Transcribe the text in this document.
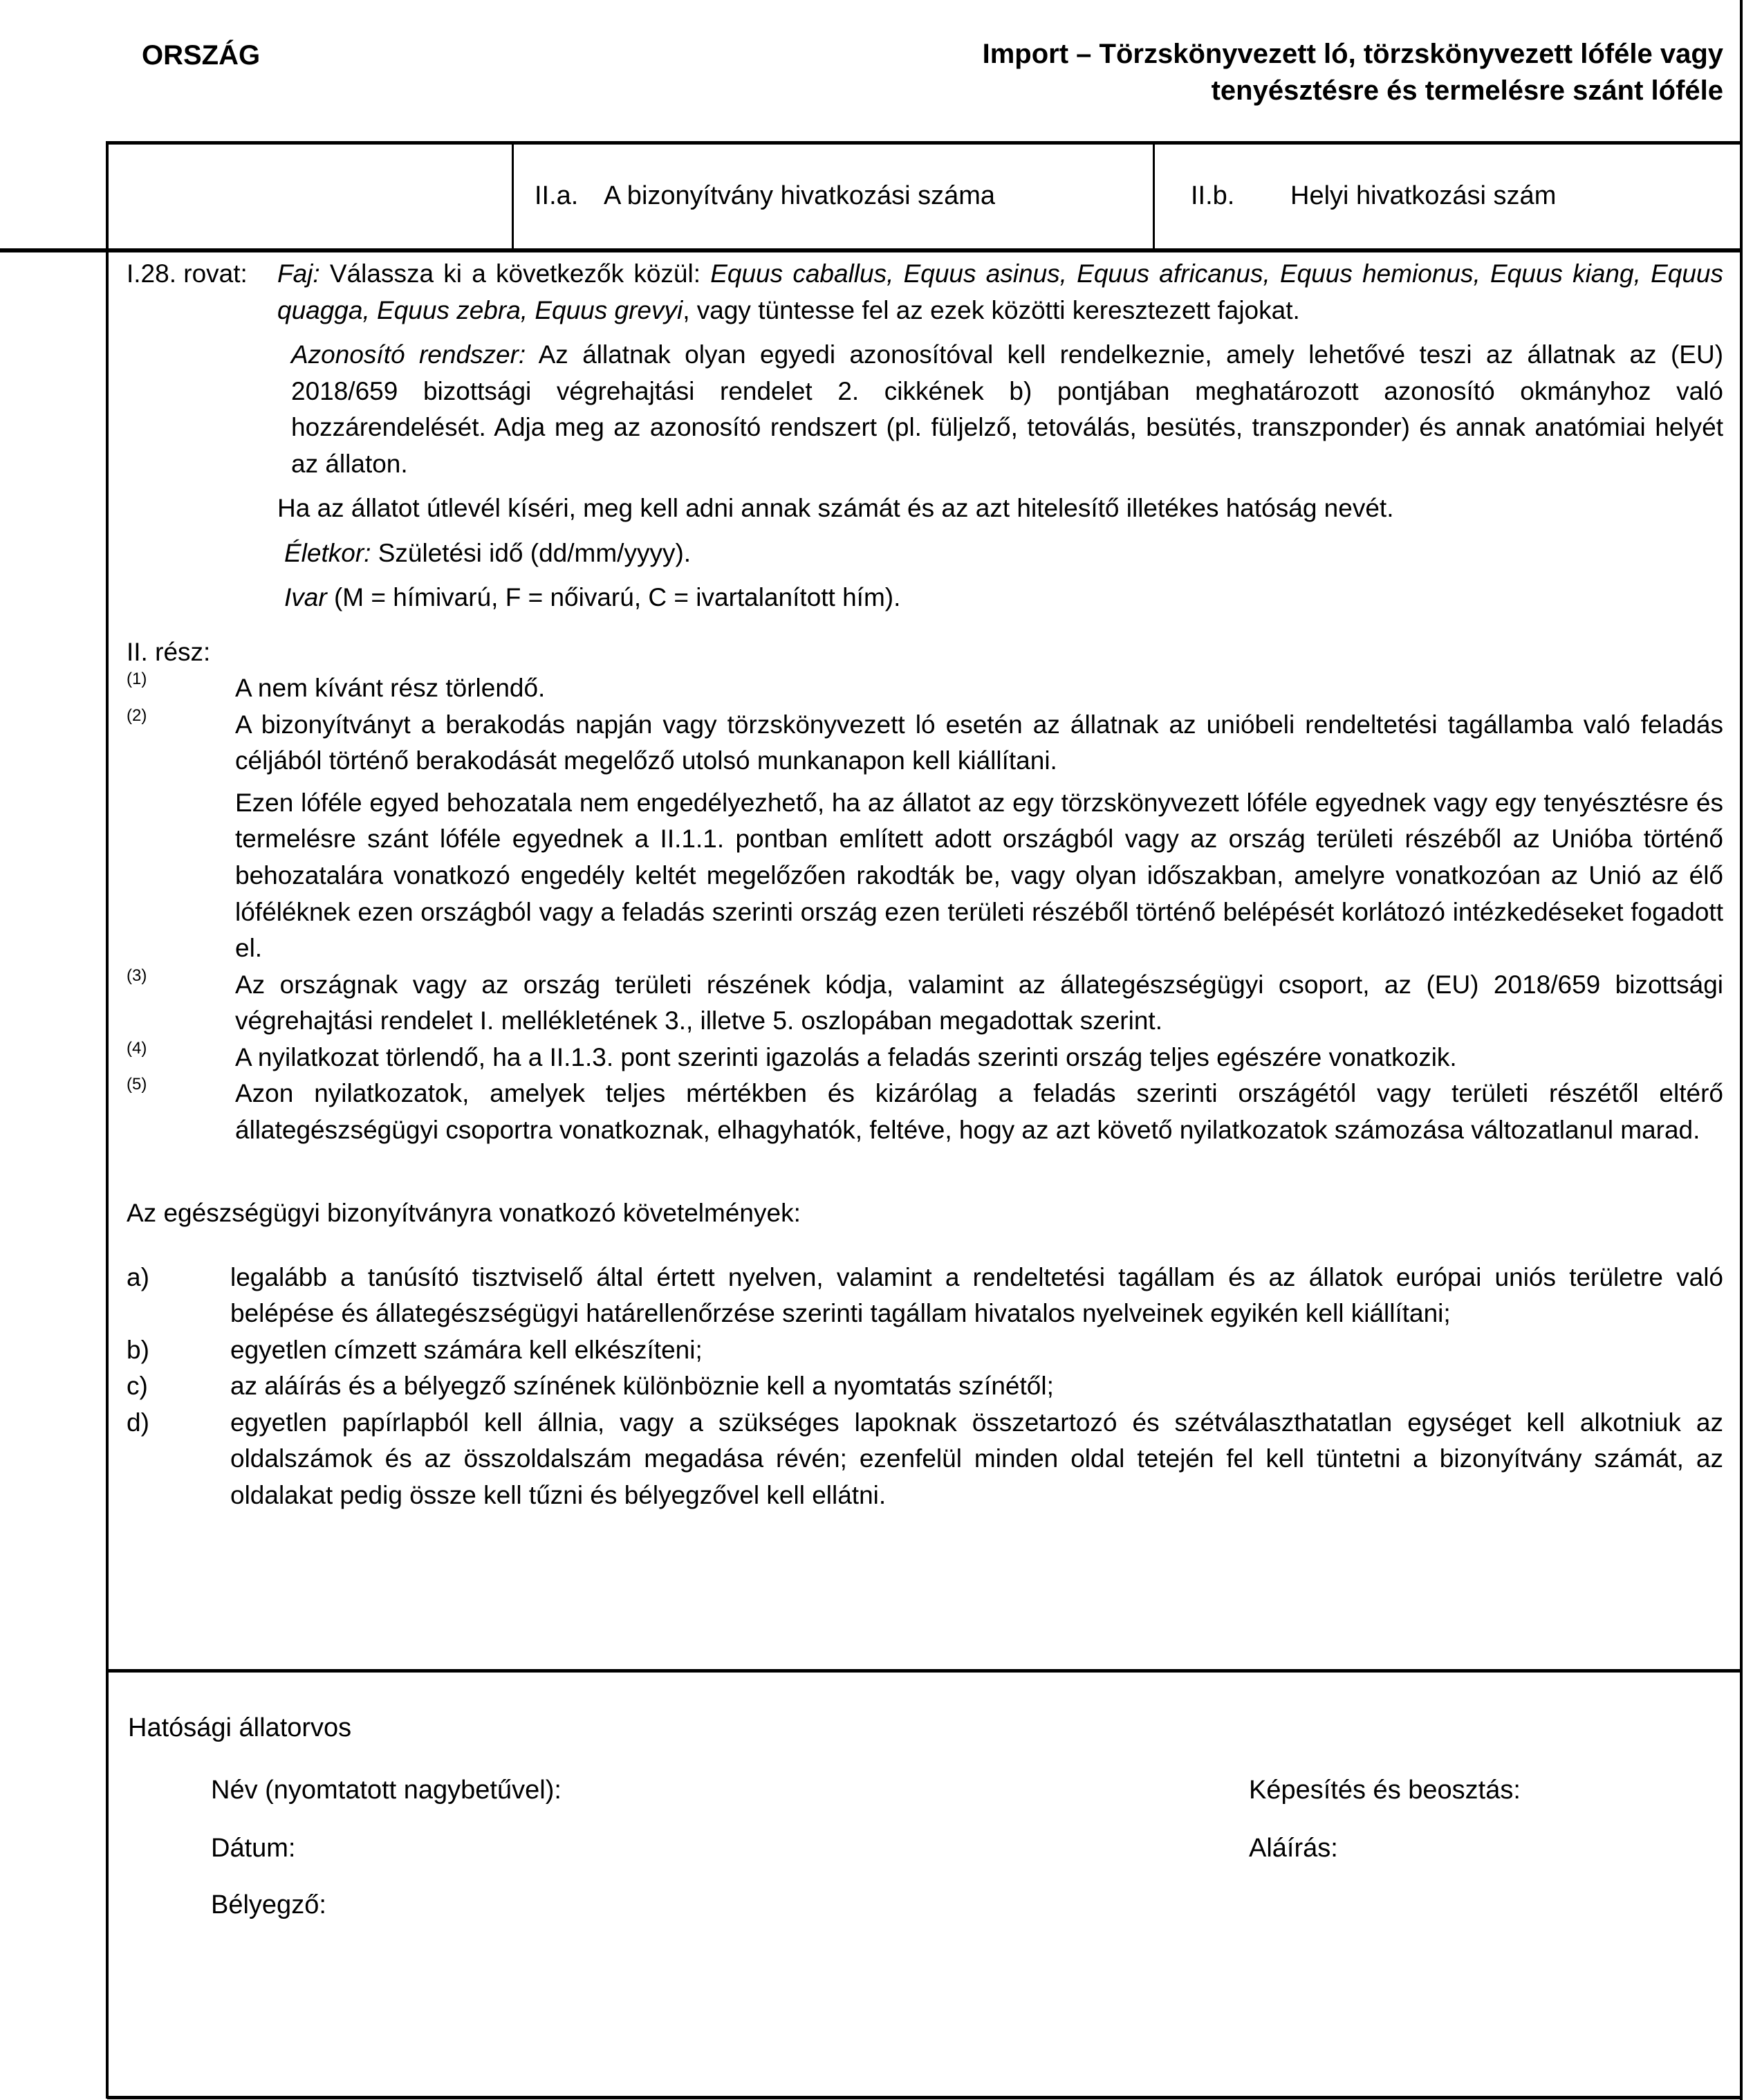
ORSZÁG	Import – Törzskönyvezett ló, törzskönyvezett lóféle vagy
tenyésztésre és termelésre szánt lóféle
II.a. A bizonyítvány hivatkozási száma	II.b.	Helyi hivatkozási szám
I.28. rovat: Faj: Válassza ki a következők közül: Equus caballus, Equus asinus, Equus africanus, Equus hemionus, Equus kiang, Equus quagga, Equus zebra, Equus grevyi, vagy tüntesse fel az ezek közötti keresztezett fajokat.

Azonosító rendszer: Az állatnak olyan egyedi azonosítóval kell rendelkeznie, amely lehetővé teszi az állatnak az (EU) 2018/659 bizottsági végrehajtási rendelet 2. cikkének b) pontjában meghatározott azonosító okmányhoz való hozzárendelését. Adja meg az azonosító rendszert (pl. füljelző, tetoválás, besütés, transzponder) és annak anatómiai helyét az állaton.

Ha az állatot útlevél kíséri, meg kell adni annak számát és az azt hitelesítő illetékes hatóság nevét.

Életkor: Születési idő (dd/mm/yyyy).

Ivar (M = hímivarú, F = nőivarú, C = ivartalanított hím).

II. rész:

(1)	A nem kívánt rész törlendő.

(2)	A bizonyítványt a berakodás napján vagy törzskönyvezett ló esetén az állatnak az unióbeli rendeltetési tagállamba való feladás céljából történő berakodását megelőző utolsó munkanapon kell kiállítani.

Ezen lóféle egyed behozatala nem engedélyezhető, ha az állatot az egy törzskönyvezett lóféle egyednek vagy egy tenyésztésre és termelésre szánt lóféle egyednek a II.1.1. pontban említett adott országból vagy az ország területi részéből az Unióba történő behozatalára vonatkozó engedély keltét megelőzően rakodták be, vagy olyan időszakban, amelyre vonatkozóan az Unió az élő lóféléknek ezen országból vagy a feladás szerinti ország ezen területi részéből történő belépését korlátozó intézkedéseket fogadott el.

(3)	Az országnak vagy az ország területi részének kódja, valamint az állategészségügyi csoport, az (EU) 2018/659 bizottsági végrehajtási rendelet I. mellékletének 3., illetve 5. oszlopában megadottak szerint.

(4)	A nyilatkozat törlendő, ha a II.1.3. pont szerinti igazolás a feladás szerinti ország teljes egészére vonatkozik.

(5)	Azon nyilatkozatok, amelyek teljes mértékben és kizárólag a feladás szerinti országétól vagy területi részétől eltérő állategészségügyi csoportra vonatkoznak, elhagyhatók, feltéve, hogy az azt követő nyilatkozatok számozása változatlanul marad.

Az egészségügyi bizonyítványra vonatkozó követelmények:

a)	legalább a tanúsító tisztviselő által értett nyelven, valamint a rendeltetési tagállam és az állatok európai uniós területre való belépése és állategészségügyi határellenőrzése szerinti tagállam hivatalos nyelveinek egyikén kell kiállítani;

b)	egyetlen címzett számára kell elkészíteni;

c)	az aláírás és a bélyegző színének különböznie kell a nyomtatás színétől;

d)	egyetlen papírlapból kell állnia, vagy a szükséges lapoknak összetartozó és szétválaszthatatlan egységet kell alkotniuk az oldalszámok és az összoldalszám megadása révén; ezenfelül minden oldal tetején fel kell tüntetni a bizonyítvány számát, az oldalakat pedig össze kell tűzni és bélyegzővel kell ellátni.

Hatósági állatorvos
Név (nyomtatott nagybetűvel):	Képesítés és beosztás:
Dátum:	Aláírás:
Bélyegző:
